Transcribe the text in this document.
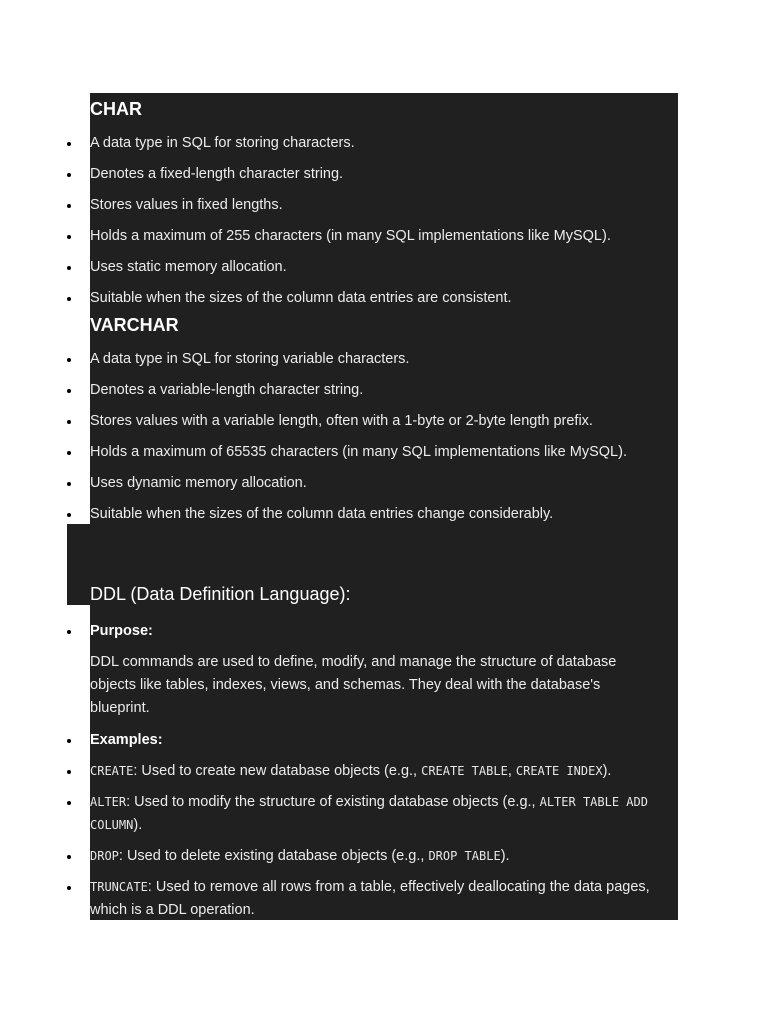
CHAR
A data type in SQL for storing characters.
Denotes a fixed-length character string.
Stores values in fixed lengths.
Holds a maximum of 255 characters (in many SQL implementations like MySQL).
Uses static memory allocation.
Suitable when the sizes of the column data entries are consistent.
VARCHAR
A data type in SQL for storing variable characters.
Denotes a variable-length character string.
Stores values with a variable length, often with a 1-byte or 2-byte length prefix.
Holds a maximum of 65535 characters (in many SQL implementations like MySQL).
Uses dynamic memory allocation.
Suitable when the sizes of the column data entries change considerably.
DDL (Data Definition Language):
Purpose:
DDL commands are used to define, modify, and manage the structure of database objects like tables, indexes, views, and schemas. They deal with the database's blueprint.
Examples:
CREATE: Used to create new database objects (e.g., CREATE TABLE, CREATE INDEX).
ALTER: Used to modify the structure of existing database objects (e.g., ALTER TABLE ADD COLUMN).
DROP: Used to delete existing database objects (e.g., DROP TABLE).
TRUNCATE: Used to remove all rows from a table, effectively deallocating the data pages, which is a DDL operation.
